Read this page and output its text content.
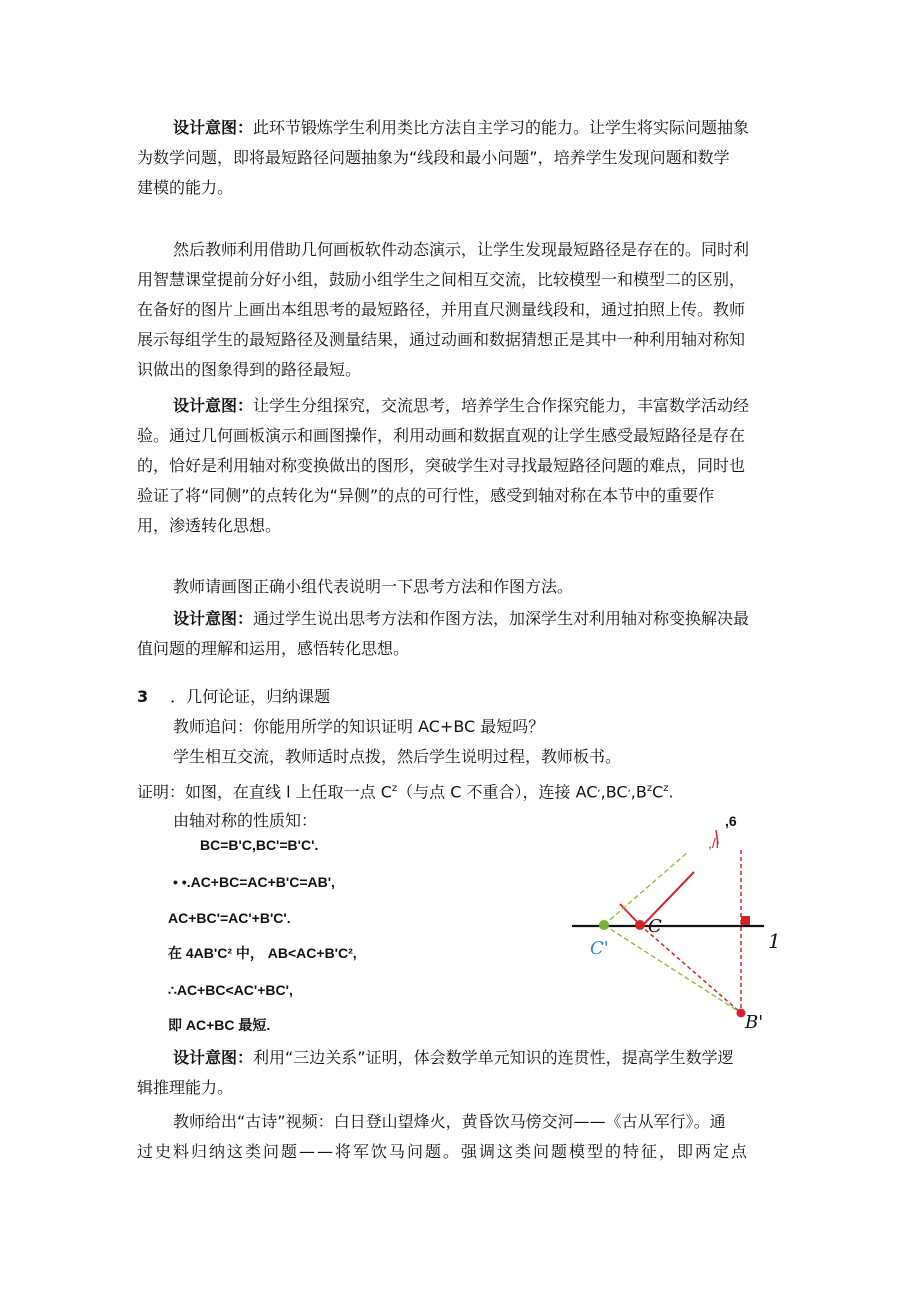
设计意图：此环节锻炼学生利用类比方法自主学习的能力。让学生将实际问题抽象
为数学问题，即将最短路径问题抽象为“线段和最小问题”，培养学生发现问题和数学
建模的能力。
然后教师利用借助几何画板软件动态演示，让学生发现最短路径是存在的。同时利
用智慧课堂提前分好小组，鼓励小组学生之间相互交流，比较模型一和模型二的区别，
在备好的图片上画出本组思考的最短路径，并用直尺测量线段和，通过拍照上传。教师
展示每组学生的最短路径及测量结果，通过动画和数据猜想正是其中一种利用轴对称知
识做出的图象得到的路径最短。
设计意图：让学生分组探究，交流思考，培养学生合作探究能力，丰富数学活动经
验。通过几何画板演示和画图操作，利用动画和数据直观的让学生感受最短路径是存在
的，恰好是利用轴对称变换做出的图形，突破学生对寻找最短路径问题的难点，同时也
验证了将“同侧”的点转化为“异侧”的点的可行性，感受到轴对称在本节中的重要作
用，渗透转化思想。
教师请画图正确小组代表说明一下思考方法和作图方法。
设计意图：通过学生说出思考方法和作图方法，加深学生对利用轴对称变换解决最
值问题的理解和运用，感悟转化思想。
3 ．几何论证，归纳课题
教师追问：你能用所学的知识证明 AC+BC 最短吗？
学生相互交流，教师适时点拨，然后学生说明过程，教师板书。
证明：如图，在直线 l 上任取一点 $C^z$（与点 C 不重合），连接 $AC^,,BC^,,B^zC^z$.
由轴对称的性质知：
BC=B'C,BC'=B'C'.
• •.AC+BC=AC+B'C=AB',
AC+BC'=AC'+B'C'.
在 4AB'C² 中， AB<AC+B'C²,
∴AC+BC<AC'+BC',
即 AC+BC 最短.
,6
,/l
C
C'	1
B'
设计意图：利用“三边关系”证明，体会数学单元知识的连贯性，提高学生数学逻
辑推理能力。
教师给出“古诗”视频：白日登山望烽火，黄昏饮马傍交河——《古从军行》。通
过史料归纳这类问题——将军饮马问题。强调这类问题模型的特征，即两定点
